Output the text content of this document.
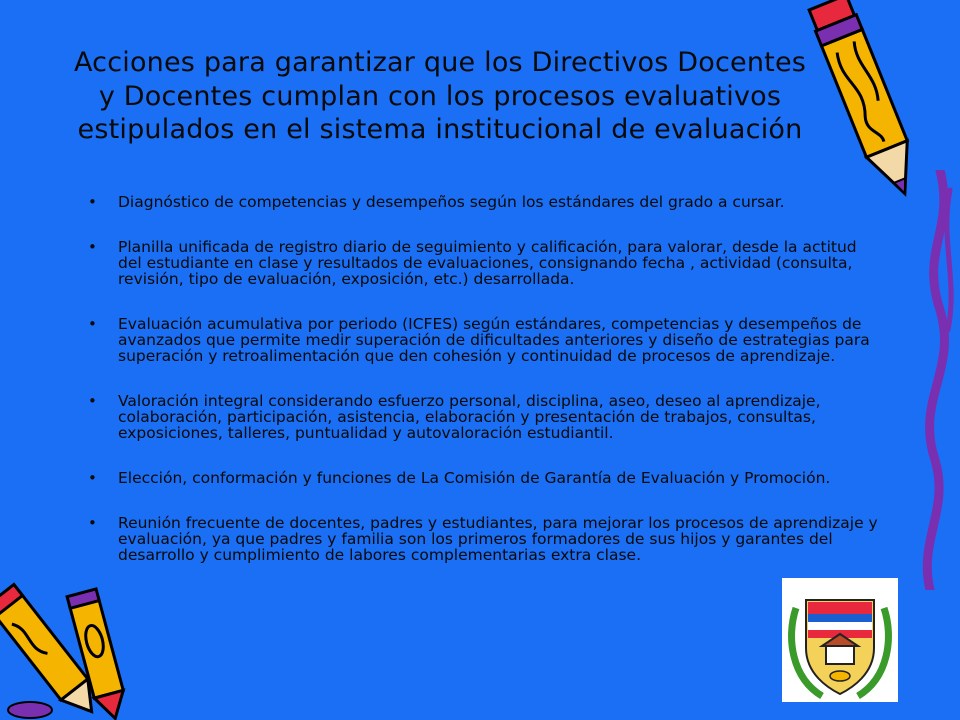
Acciones para garantizar que los Directivos Docentes y Docentes cumplan con los procesos evaluativos estipulados en el sistema institucional de evaluación
• Diagnóstico de competencias y desempeños según los estándares del grado a cursar.
• Planilla unificada de registro diario de seguimiento y calificación, para valorar, desde la actitud del estudiante en clase y resultados de evaluaciones, consignando fecha , actividad (consulta, revisión, tipo de evaluación, exposición, etc.) desarrollada.
• Evaluación acumulativa por periodo (ICFES) según estándares, competencias y desempeños de avanzados que permite medir superación de dificultades anteriores y diseño de estrategias para superación y retroalimentación que den cohesión y continuidad de procesos de aprendizaje.
• Valoración integral considerando esfuerzo personal, disciplina, aseo, deseo al aprendizaje, colaboración, participación, asistencia, elaboración y presentación de trabajos, consultas, exposiciones, talleres, puntualidad y autovaloración estudiantil.
• Elección, conformación y funciones de La Comisión de Garantía de Evaluación y Promoción.
• Reunión frecuente de docentes, padres y estudiantes, para mejorar los procesos de aprendizaje y evaluación, ya que padres y familia son los primeros formadores de sus hijos y garantes del desarrollo y cumplimiento de labores complementarias extra clase.
